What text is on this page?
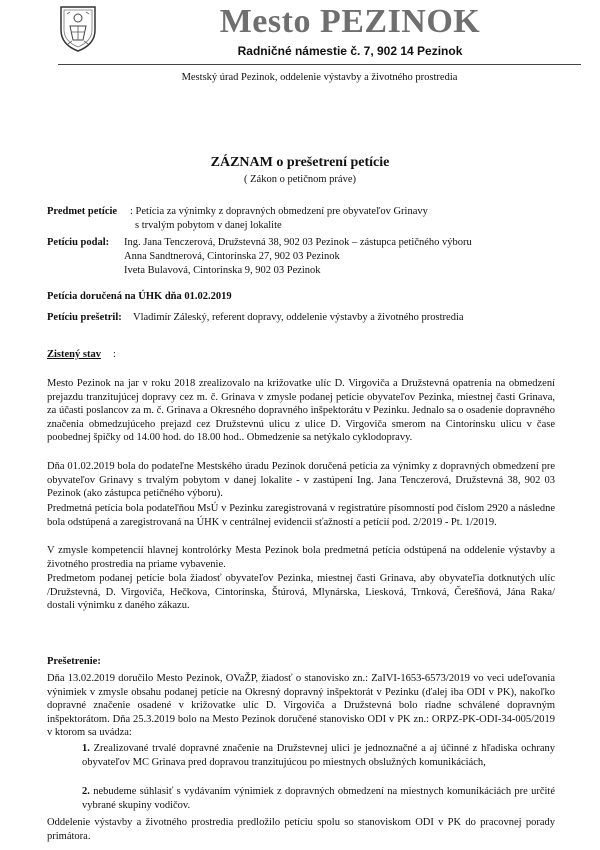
Mesto PEZINOK
Radničné námestie č. 7, 902 14 Pezinok
Mestský úrad Pezinok, oddelenie výstavby a životného prostredia
ZÁZNAM o prešetrení petície
( Zákon o petičnom práve)
Predmet petície : Petícia za výnimky z dopravných obmedzení pre obyvateľov Grinavy
s trvalým pobytom v danej lokalite
Petíciu podal: Ing. Jana Tenczerová, Družstevná 38, 902 03 Pezinok – zástupca petičného výboru
Anna Sandtnerová, Cintorínska 27, 902 03 Pezinok
Iveta Bulavová, Cintorínska 9, 902 03 Pezinok
Petícia doručená na ÚHK dňa 01.02.2019
Petíciu prešetril: Vladimír Záleský, referent dopravy, oddelenie výstavby a životného prostredia
Zistený stav :
Mesto Pezinok na jar v roku 2018 zrealizovalo na križovatke ulíc D. Virgoviča a Družstevná opatrenia na obmedzení prejazdu tranzitujúcej dopravy cez m. č. Grinava v zmysle podanej petície obyvateľov Pezinka, miestnej časti Grinava, za účasti poslancov za m. č. Grinava a Okresného dopravného inšpektorátu v Pezinku. Jednalo sa o osadenie dopravného značenia obmedzujúceho prejazd cez Družstevnú ulicu z ulice D. Virgoviča smerom na Cintorínsku ulicu v čase poobednej špičky od 14.00 hod. do 18.00 hod.. Obmedzenie sa netýkalo cyklodopravy.
Dňa 01.02.2019 bola do podateľne Mestského úradu Pezinok doručená petícia za výnimky z dopravných obmedzení pre obyvateľov Grinavy s trvalým pobytom v danej lokalite - v zastúpení Ing. Jana Tenczerová, Družstevná 38, 902 03 Pezinok (ako zástupca petičného výboru).
Predmetná petícia bola podateľňou MsÚ v Pezinku zaregistrovaná v registratúre písomností pod číslom 2920 a následne bola odstúpená a zaregistrovaná na ÚHK v centrálnej evidencii sťažností a petícií pod. 2/2019 - Pt. 1/2019.
V zmysle kompetencií hlavnej kontrolórky Mesta Pezinok bola predmetná petícia odstúpená na oddelenie výstavby a životného prostredia na priame vybavenie.
Predmetom podanej petície bola žiadosť obyvateľov Pezinka, miestnej časti Grinava, aby obyvateľia dotknutých ulíc /Družstevná, D. Virgoviča, Hečkova, Cintorínska, Štúrová, Mlynárska, Liesková, Trnková, Čerešňová, Jána Raka/ dostali výnimku z daného zákazu.
Prešetrenie:
Dňa 13.02.2019 doručilo Mesto Pezinok, OVaŽP, žiadosť o stanovisko zn.: ZaIVI-1653-6573/2019 vo veci udeľovania výnimiek v zmysle obsahu podanej petície na Okresný dopravný inšpektorát v Pezinku (ďalej iba ODI v PK), nakoľko dopravné značenie osadené v križovatke ulíc D. Virgoviča a Družstevná bolo riadne schválené dopravným inšpektorátom. Dňa 25.3.2019 bolo na Mesto Pezinok doručené stanovisko ODI v PK zn.: ORPZ-PK-ODI-34-005/2019 v ktorom sa uvádza:
1. Zrealizované trvalé dopravné značenie na Družstevnej ulici je jednoznačné a aj účinné z hľadiska ochrany obyvateľov MC Grinava pred dopravou tranzitujúcou po miestnych obslužných komunikáciách,
2. nebudeme súhlasiť s vydávaním výnimiek z dopravných obmedzení na miestnych komunikáciách pre určité vybrané skupiny vodičov.
Oddelenie výstavby a životného prostredia predložilo petíciu spolu so stanoviskom ODI v PK do pracovnej porady primátora.
